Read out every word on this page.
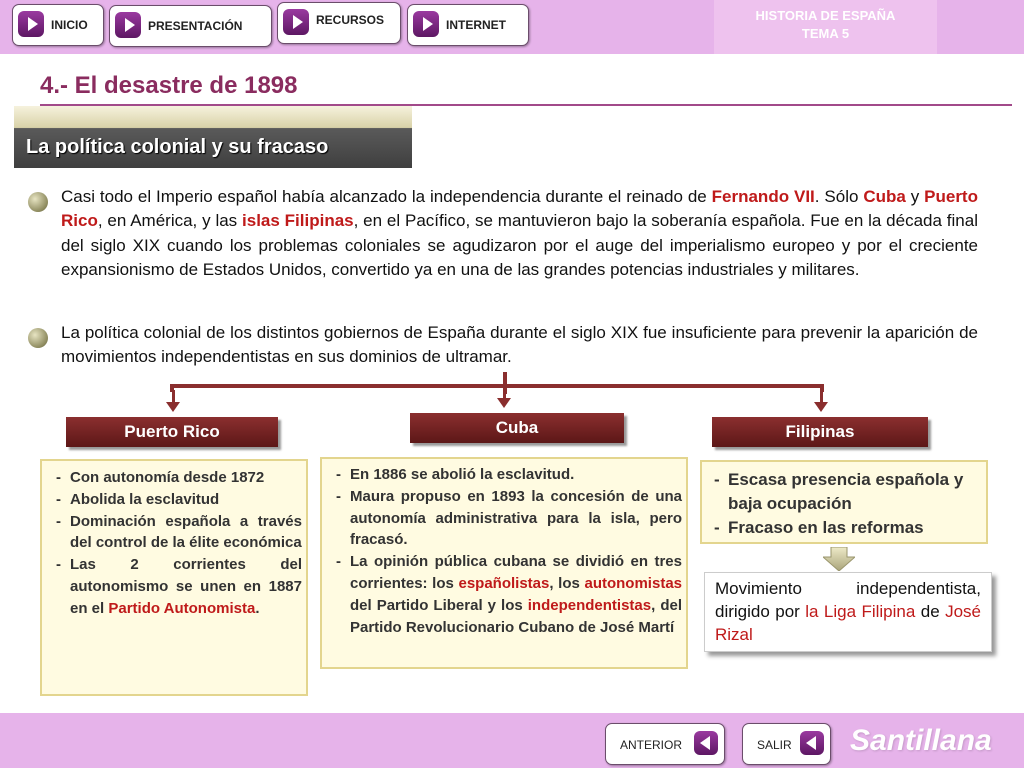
INICIO	PRESENTACIÓN	RECURSOS	INTERNET
HISTORIA DE ESPAÑA
TEMA 5
4.- El desastre de 1898
La política colonial y su fracaso
Casi todo el Imperio español había alcanzado la independencia durante el reinado de Fernando VII. Sólo Cuba y Puerto Rico, en América, y las islas Filipinas, en el Pacífico, se mantuvieron bajo la soberanía española. Fue en la década final del siglo XIX cuando los problemas coloniales se agudizaron por el auge del imperialismo europeo y por el creciente expansionismo de Estados Unidos, convertido ya en una de las grandes potencias industriales y militares.
La política colonial de los distintos gobiernos de España durante el siglo XIX fue insuficiente para prevenir la aparición de movimientos independentistas en sus dominios de ultramar.
Puerto Rico	Cuba	Filipinas
- Con autonomía desde 1872
- Abolida la esclavitud
- Dominación española a través del control de la élite económica
- Las 2 corrientes del autonomismo se unen en 1887 en el Partido Autonomista.
- En 1886 se abolió la esclavitud.
- Maura propuso en 1893 la concesión de una autonomía administrativa para la isla, pero fracasó.
- La opinión pública cubana se dividió en tres corrientes: los españolistas, los autonomistas del Partido Liberal y los independentistas, del Partido Revolucionario Cubano de José Martí
- Escasa presencia española y baja ocupación
- Fracaso en las reformas
Movimiento independentista, dirigido por la Liga Filipina de José Rizal
ANTERIOR	SALIR Santillana
